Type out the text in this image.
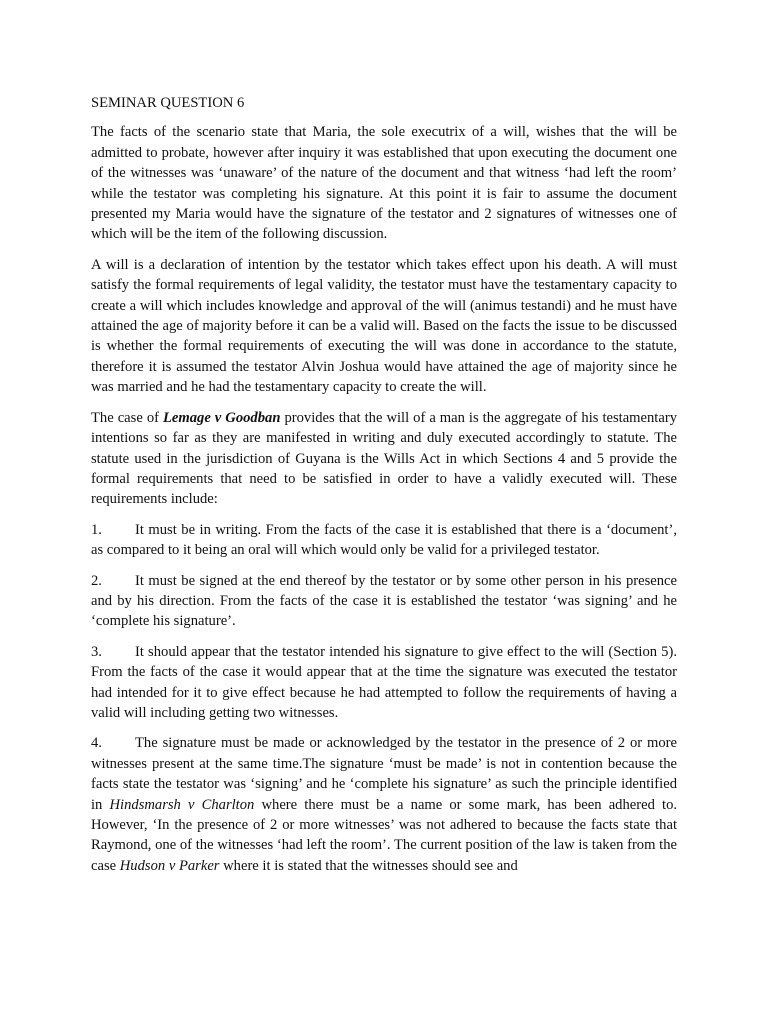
SEMINAR QUESTION 6

The facts of the scenario state that Maria, the sole executrix of a will, wishes that the will be admitted to probate, however after inquiry it was established that upon executing the document one of the witnesses was ‘unaware’ of the nature of the document and that witness ‘had left the room’ while the testator was completing his signature. At this point it is fair to assume the document presented my Maria would have the signature of the testator and 2 signatures of witnesses one of which will be the item of the following discussion.

A will is a declaration of intention by the testator which takes effect upon his death. A will must satisfy the formal requirements of legal validity, the testator must have the testamentary capacity to create a will which includes knowledge and approval of the will (animus testandi) and he must have attained the age of majority before it can be a valid will. Based on the facts the issue to be discussed is whether the formal requirements of executing the will was done in accordance to the statute, therefore it is assumed the testator Alvin Joshua would have attained the age of majority since he was married and he had the testamentary capacity to create the will.

The case of Lemage v Goodban provides that the will of a man is the aggregate of his testamentary intentions so far as they are manifested in writing and duly executed accordingly to statute. The statute used in the jurisdiction of Guyana is the Wills Act in which Sections 4 and 5 provide the formal requirements that need to be satisfied in order to have a validly executed will. These requirements include:

1. It must be in writing. From the facts of the case it is established that there is a ‘document’, as compared to it being an oral will which would only be valid for a privileged testator.

2. It must be signed at the end thereof by the testator or by some other person in his presence and by his direction. From the facts of the case it is established the testator ‘was signing’ and he ‘complete his signature’.

3. It should appear that the testator intended his signature to give effect to the will (Section 5). From the facts of the case it would appear that at the time the signature was executed the testator had intended for it to give effect because he had attempted to follow the requirements of having a valid will including getting two witnesses.

4. The signature must be made or acknowledged by the testator in the presence of 2 or more witnesses present at the same time.The signature ‘must be made’ is not in contention because the facts state the testator was ‘signing’ and he ‘complete his signature’ as such the principle identified in Hindsmarsh v Charlton where there must be a name or some mark, has been adhered to. However, ‘In the presence of 2 or more witnesses’ was not adhered to because the facts state that Raymond, one of the witnesses ‘had left the room’. The current position of the law is taken from the case Hudson v Parker where it is stated that the witnesses should see and
